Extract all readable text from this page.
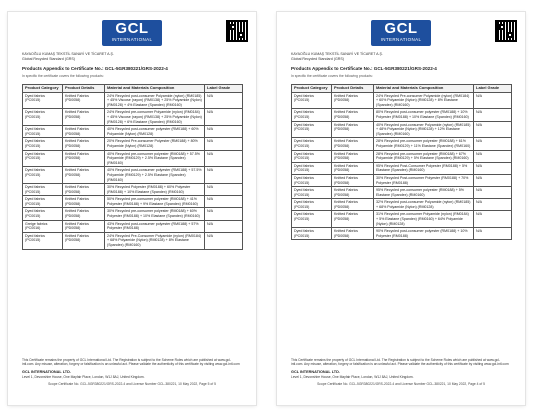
GCL
INTERNATIONAL
KAYAOĞLU KUMAŞ TEKSTİL SANAYİ VE TİCARET A.Ş.
Global Recycled Standard (GRS)
Products Appendix to Certificate No.: GCL-5GR380221/GRS-2022-4
In specific the certificate covers the following products:
Product Category	Product Details	Material and Materials Composition	Label Grade
Dyed fabrics (PC0015)	Knitted Fabrics (PD0058)	24% Recycled post-consumer Polyamide (nylon) (RM0185) + 45% Viscose (rayon) (RM0138) + 25% Polyamide (Nylon) (RM0128) + 4% Elastane (Spandex) (RM0160)	N/A
Dyed fabrics (PC0015)	Knitted Fabrics (PD0058)	24% Recycled pre-consumer Polyamide (nylon) (RM0184) + 45% Viscose (rayon) (RM0138) + 25% Polyamide (Nylon) (RM0128) + 6% Elastane (Spandex) (RM0160)	N/A
Dyed fabrics (PC0015)	Knitted Fabrics (PD0058)	40% Recycled post-consumer polyester (RM0188) + 60% Polyamide (Nylon) (RM0128)	N/A
Dyed fabrics (PC0015)	Knitted Fabrics (PD0058)	20% Recycled Pre-consumer Polyester (RM0188) + 80% Polyamide (Nylon) (RM0128)	N/A
Dyed fabrics (PC0015)	Knitted Fabrics (PD0058)	40% Recycled pre-consumer polyester (RM0188) + 57.5% Polyamide (RM0129) + 2.5% Elastane (Spandex) (RM0160)	N/A
Dyed fabrics (PC0015)	Knitted Fabrics (PD0058)	40% Recycled post-consumer polyester (RM0188) + 57.5% Polyamide (RM0129) + 2.5% Elastane (Spandex) (RM0160)	N/A
Dyed fabrics (PC0015)	Knitted Fabrics (PD0058)	30% Recycled Polyester (RM0188) + 60% Polyester (RM0188) + 10% Elastane (Spandex) (RM0160)	N/A
Dyed fabrics (PC0015)	Knitted Fabrics (PD0058)	50% Recycled pre-consumer polyester (RM0188) + 41% Polyester (RM0188) + 9% Elastane (Spandex) (RM0160)	N/A
Dyed fabrics (PC0015)	Knitted Fabrics (PD0058)	30% Recycled pre-consumer polyester (RM0188) + 60% Polyester (RM0188) + 10% Elastane (Spandex) (RM0160)	N/A
Greige fabrics (PC0016)	Knitted Fabrics (PD0058)	43% Recycled post-consumer polyester (RM0188) + 57% Polyester (RM0188)	N/A
Dyed fabrics (PC0015)	Knitted Fabrics (PD0058)	24% Recycled Pre-Consumer Polyamide (nylon) (RM0184) + 68% Polyamide (Nylon) (RM0128) + 8% Elastane (Spandex) (RM0160)	N/A
This Certificate remains the property of GCL International Ltd. The Registration is subject to the Scheme Rules which are published at www.gcl-intl.com. Any misuse, alteration, forgery or falsification is an unlawful act. Please validate the authenticity of this certificate by visiting www.gcl-intl.com
GCL INTERNATIONAL LTD.
Level 1, Devonshire House, One Mayfair Place, London, W1J 8AJ, United Kingdom.
Scope Certificate No. GCL-5GR380221/GRS-2022-4 and License Number GCL-380221, 10 May 2022, Page 5 of 5
GCL
INTERNATIONAL
KAYAOĞLU KUMAŞ TEKSTİL SANAYİ VE TİCARET A.Ş.
Global Recycled Standard (GRS)
Products Appendix to Certificate No.: GCL-5GR380221/GRS-2022-4
In specific the certificate covers the following products:
Product Category	Product Details	Material and Materials Composition	Label Grade
Dyed fabrics (PC0015)	Knitted Fabrics (PD0058)	24% Recycled Pre-consumer Polyamide (nylon) (RM0184) + 60% Polyamide (Nylon) (RM0128) + 8% Elastane (Spandex) (RM0160)	N/A
Dyed fabrics (PC0015)	Knitted Fabrics (PD0058)	80% Recycled post-consumer polyester (RM0188) + 10% Polyester (RM0188) + 10% Elastane (Spandex) (RM0160)	N/A
Dyed fabrics (PC0015)	Knitted Fabrics (PD0058)	40% Recycled post-consumer Polyamide (nylon) (RM0185) + 48% Polyamide (Nylon) (RM0128) + 12% Elastane (Spandex) (RM0160)	N/A
Dyed fabrics (PC0015)	Knitted Fabrics (PD0058)	28% Recycled pre-consumer polyester (RM0188) + 61% Polyamide (RM0129) + 11% Elastane (Spandex) (RM0160)	N/A
Dyed fabrics (PC0015)	Knitted Fabrics (PD0058)	28% Recycled pre-consumer polyester (RM0188) + 67% Polyamide (RM0129) + 5% Elastane (Spandex) (RM0160)	N/A
Dyed fabrics (PC0015)	Knitted Fabrics (PD0058)	95% Recycled Post-Consumer Polyester (RM0188) + 5% Elastane (Spandex) (RM0160)	N/A
Dyed fabrics (PC0015)	Knitted Fabrics (PD0058)	30% Recycled Post-consumer Polyester (RM0188) + 70% Polyester (RM0188)	N/A
Dyed fabrics (PC0015)	Knitted Fabrics (PD0058)	95% Recycled pre-consumer polyester (RM0188) + 5% Elastane (Spandex) (RM0160)	N/A
Dyed fabrics (PC0015)	Knitted Fabrics (PD0058)	32% Recycled post-consumer Polyamide (nylon) (RM0185) + 68% Polyamide (Nylon) (RM0128)	N/A
Dyed fabrics (PC0015)	Knitted Fabrics (PD0058)	31% Recycled pre-consumer Polyamide (nylon) (RM0184) + 5% Elastane (Spandex) (RM0160) + 64% Polyamide (Nylon) (RM0128)	N/A
Dyed fabrics (PC0015)	Knitted Fabrics (PD0058)	90% Recycled post-consumer polyester (RM0188) + 10% Polyester (RM0188)	N/A
This Certificate remains the property of GCL International Ltd. The Registration is subject to the Scheme Rules which are published at www.gcl-intl.com. Any misuse, alteration, forgery or falsification is an unlawful act. Please validate the authenticity of this certificate by visiting www.gcl-intl.com
GCL INTERNATIONAL LTD.
Level 1, Devonshire House, One Mayfair Place, London, W1J 8AJ, United Kingdom.
Scope Certificate No. GCL-5GR380221/GRS-2022-4 and License Number GCL-380221, 10 May 2022, Page 4 of 5
